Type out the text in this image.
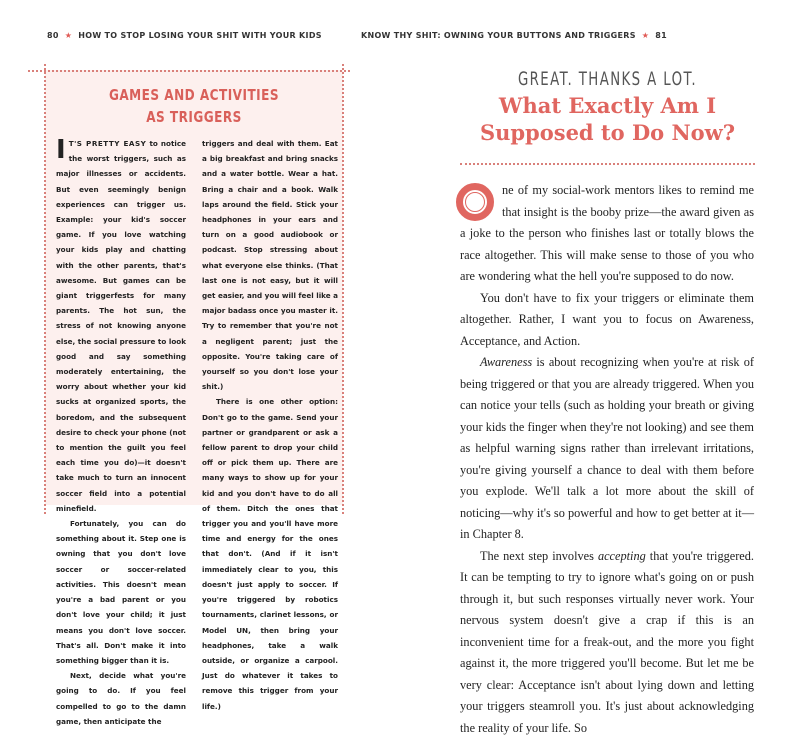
80 ★ HOW TO STOP LOSING YOUR SHIT WITH YOUR KIDS
GAMES AND ACTIVITIES
AS TRIGGERS

I T'S PRETTY EASY to notice the worst triggers, such as major illnesses or accidents. But even seemingly benign experiences can trigger us. Example: your kid's soccer game. If you love watching your kids play and chatting with the other parents, that's awesome. But games can be giant triggerfests for many parents. The hot sun, the stress of not knowing anyone else, the social pressure to look good and say something moderately entertaining, the worry about whether your kid sucks at organized sports, the boredom, and the subsequent desire to check your phone (not to mention the guilt you feel each time you do)—it doesn't take much to turn an innocent soccer field into a potential minefield.

Fortunately, you can do something about it. Step one is owning that you don't love soccer or soccer-related activities. This doesn't mean you're a bad parent or you don't love your child; it just means you don't love soccer. That's all. Don't make it into something bigger than it is.

Next, decide what you're going to do. If you feel compelled to go to the damn game, then anticipate the

triggers and deal with them. Eat a big breakfast and bring snacks and a water bottle. Wear a hat. Bring a chair and a book. Walk laps around the field. Stick your headphones in your ears and turn on a good audiobook or podcast. Stop stressing about what everyone else thinks. (That last one is not easy, but it will get easier, and you will feel like a major badass once you master it. Try to remember that you're not a negligent parent; just the opposite. You're taking care of yourself so you don't lose your shit.)

There is one other option: Don't go to the game. Send your partner or grandparent or ask a fellow parent to drop your child off or pick them up. There are many ways to show up for your kid and you don't have to do all of them. Ditch the ones that trigger you and you'll have more time and energy for the ones that don't. (And if it isn't immediately clear to you, this doesn't just apply to soccer. If you're triggered by robotics tournaments, clarinet lessons, or Model UN, then bring your headphones, take a walk outside, or organize a carpool. Just do whatever it takes to remove this trigger from your life.)

KNOW THY SHIT: OWNING YOUR BUTTONS AND TRIGGERS ★ 81
GREAT. THANKS A LOT.
What Exactly Am I
Supposed to Do Now?

ne of my social-work mentors likes to remind me that insight is the booby prize—the award given as a joke to the person who finishes last or totally blows the race altogether. This will make sense to those of you who are wondering what the hell you're supposed to do now.

You don't have to fix your triggers or eliminate them altogether. Rather, I want you to focus on Awareness, Acceptance, and Action.

Awareness is about recognizing when you're at risk of being triggered or that you are already triggered. When you can notice your tells (such as holding your breath or giving your kids the finger when they're not looking) and see them as helpful warning signs rather than irrelevant irritations, you're giving yourself a chance to deal with them before you explode. We'll talk a lot more about the skill of noticing—why it's so powerful and how to get better at it—in Chapter 8.

The next step involves accepting that you're triggered. It can be tempting to try to ignore what's going on or push through it, but such responses virtually never work. Your nervous system doesn't give a crap if this is an inconvenient time for a freak-out, and the more you fight against it, the more triggered you'll become. But let me be very clear: Acceptance isn't about lying down and letting your triggers steamroll you. It's just about acknowledging the reality of your life. So
